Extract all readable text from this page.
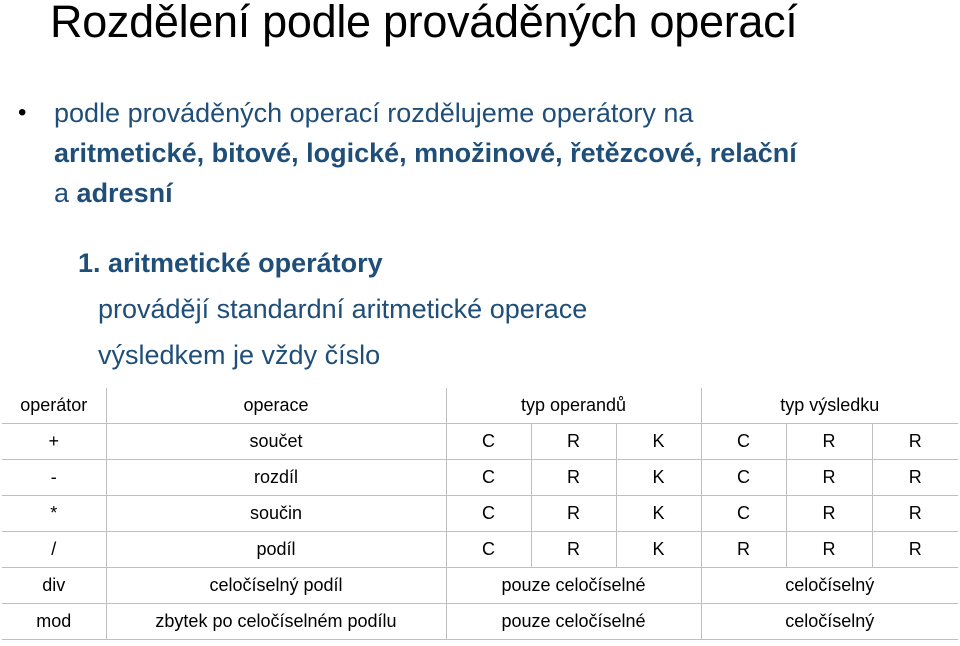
Rozdělení podle prováděných operací
• podle prováděných operací rozdělujeme operátory na
aritmetické, bitové, logické, množinové, řetězcové, relační
a adresní
1. aritmetické operátory
provádějí standardní aritmetické operace
výsledkem je vždy číslo
operátor	operace	typ operandů			typ výsledku		
+	součet	C	R	K	C	R	R
-	rozdíl	C	R	K	C	R	R
*	součin	C	R	K	C	R	R
/	podíl	C	R	K	R	R	R
div	celočíselný podíl	pouze celočíselné			celočíselný		
mod	zbytek po celočíselném podílu	pouze celočíselné			celočíselný		
